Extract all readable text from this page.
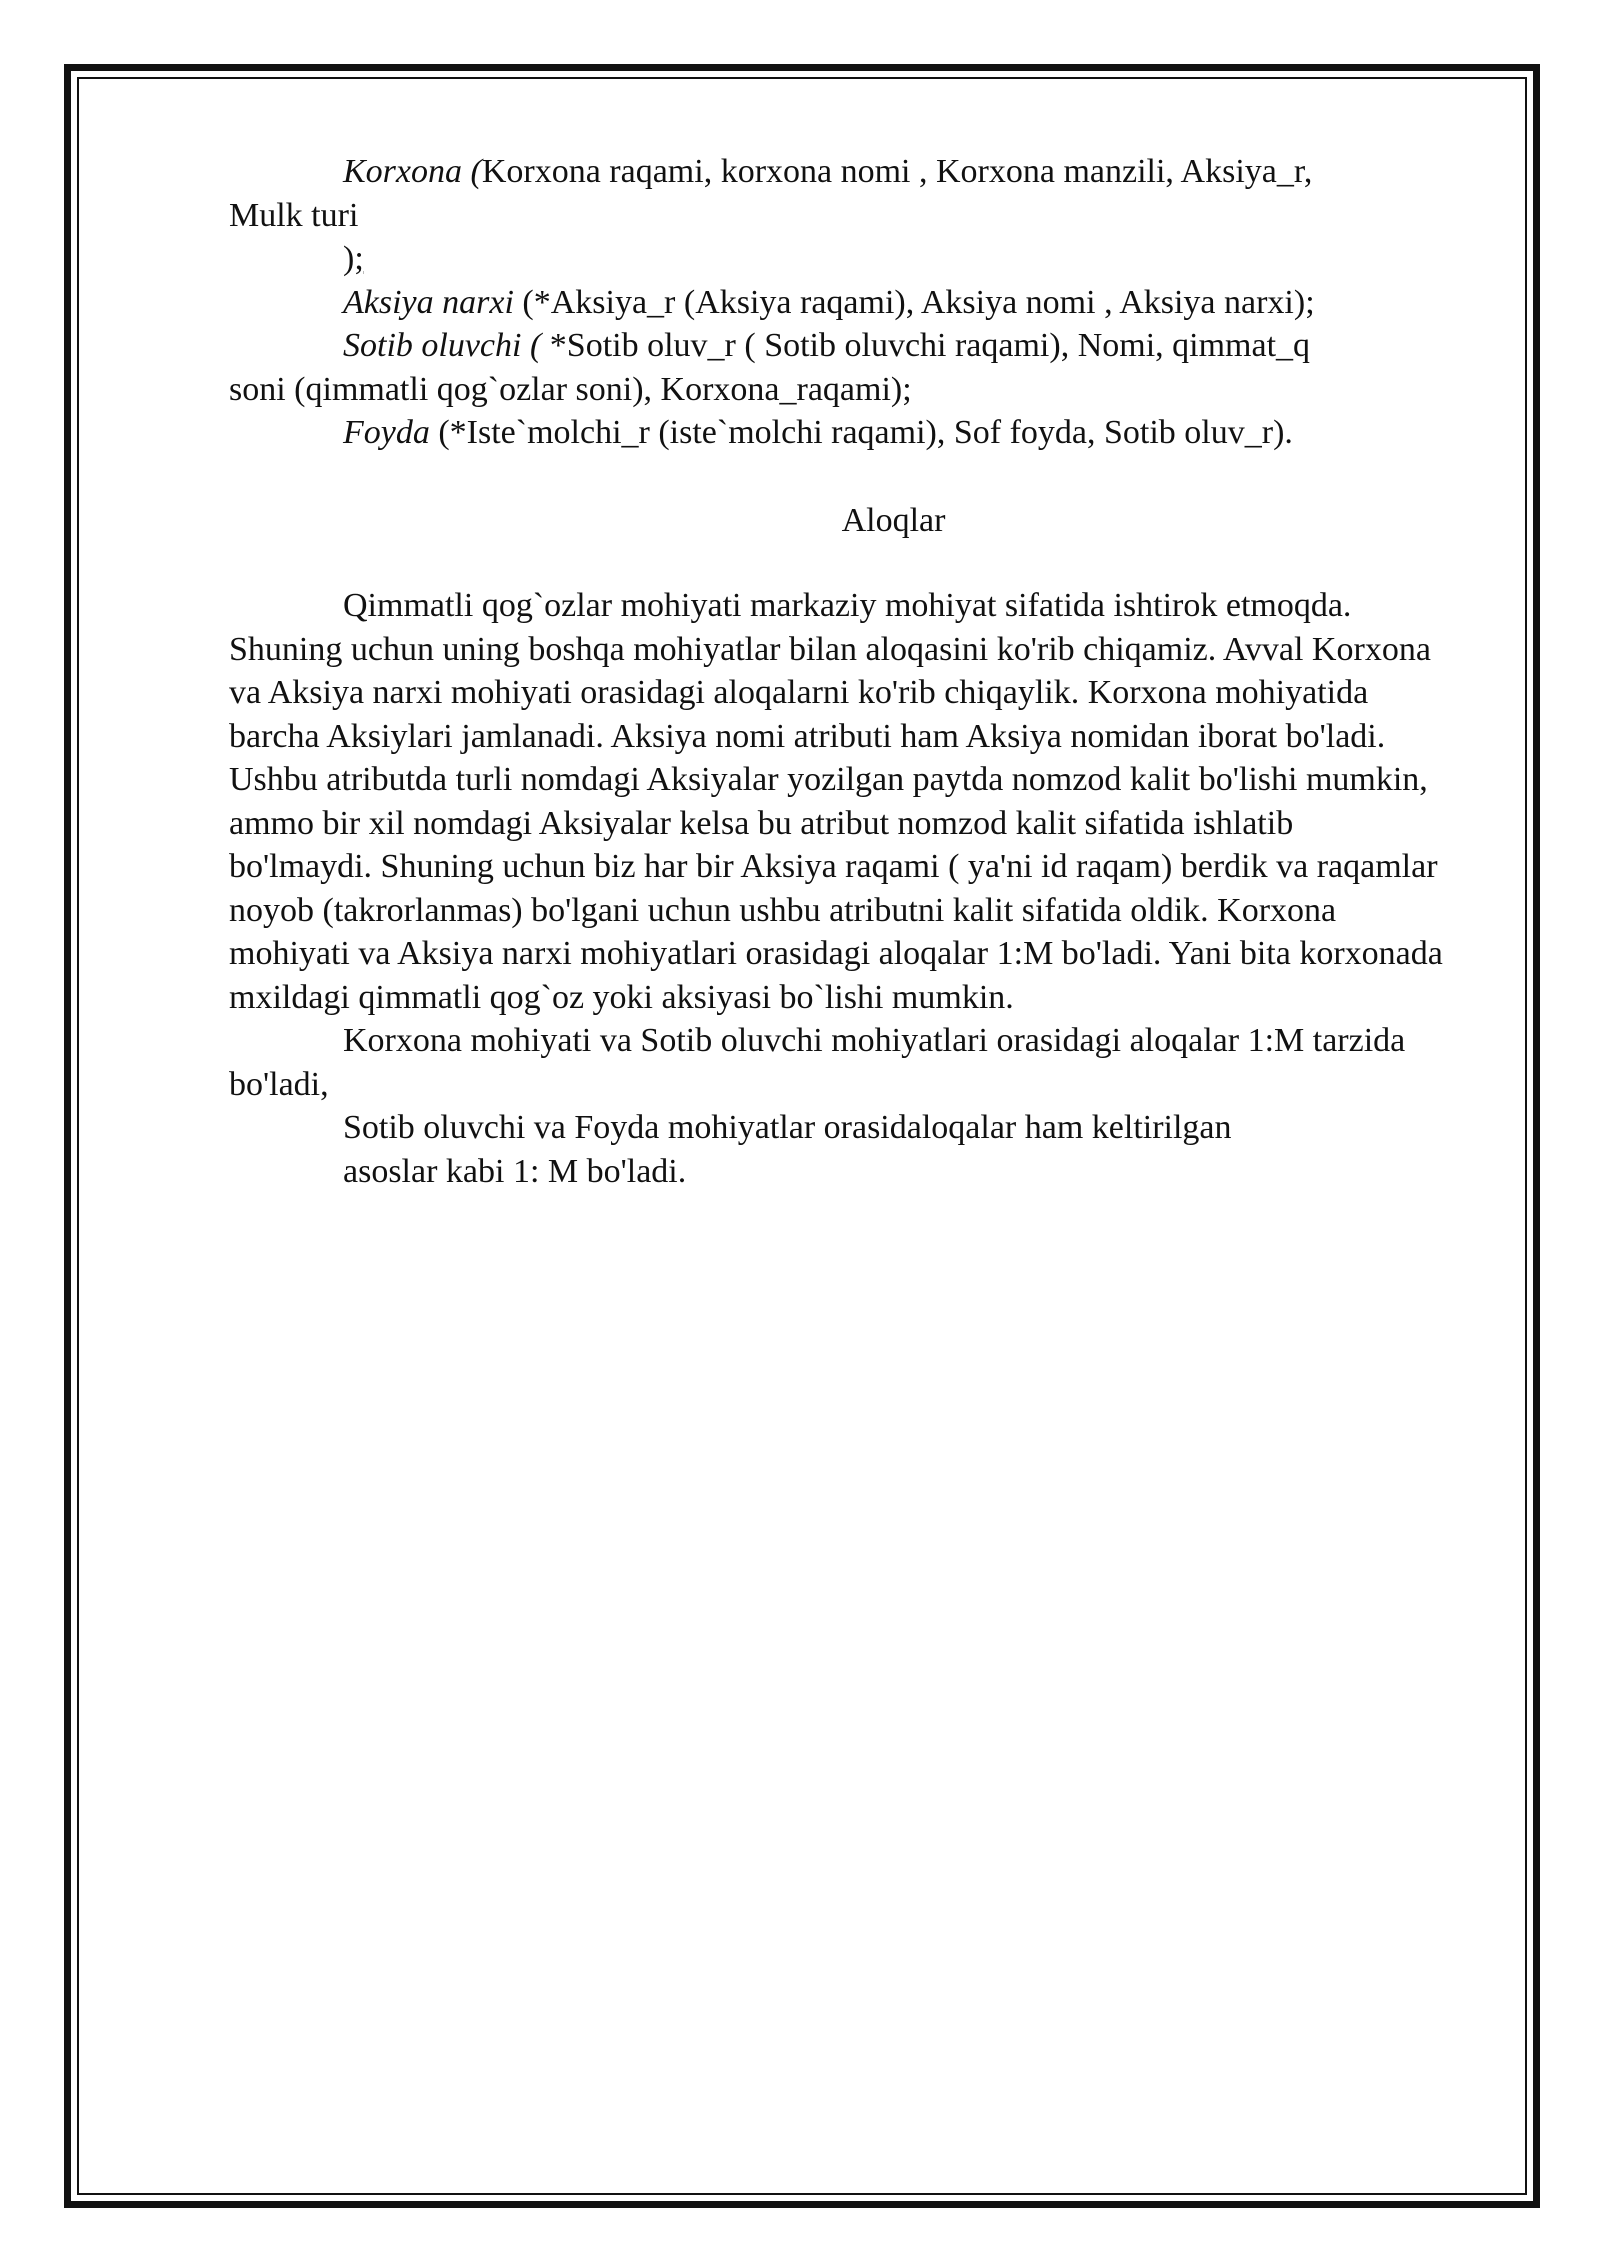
Korxona (Korxona raqami, korxona nomi , Korxona manzili, Aksiya_r,

Mulk turi

);

Aksiya narxi (*Aksiya_r (Aksiya raqami), Aksiya nomi , Aksiya narxi);

Sotib oluvchi ( *Sotib oluv_r ( Sotib oluvchi raqami), Nomi, qimmat_q

soni (qimmatli qog`ozlar soni), Korxona_raqami);

Foyda (*Iste`molchi_r (iste`molchi raqami), Sof foyda, Sotib oluv_r).

Aloqlar

Qimmatli qog`ozlar mohiyati markaziy mohiyat sifatida ishtirok etmoqda. Shuning uchun uning boshqa mohiyatlar bilan aloqasini ko'rib chiqamiz. Avval Korxona va Aksiya narxi mohiyati orasidagi aloqalarni ko'rib chiqaylik. Korxona mohiyatida barcha Aksiylari jamlanadi. Aksiya nomi atributi ham Aksiya nomidan iborat bo'ladi. Ushbu atributda turli nomdagi Aksiyalar yozilgan paytda nomzod kalit bo'lishi mumkin, ammo bir xil nomdagi Aksiyalar kelsa bu atribut nomzod kalit sifatida ishlatib bo'lmaydi. Shuning uchun biz har bir Aksiya raqami ( ya'ni id raqam) berdik va raqamlar noyob (takrorlanmas) bo'lgani uchun ushbu atributni kalit sifatida oldik. Korxona mohiyati va Aksiya narxi mohiyatlari orasidagi aloqalar 1:M bo'ladi. Yani bita korxonada mxildagi qimmatli qog`oz yoki aksiyasi bo`lishi mumkin.

Korxona mohiyati va Sotib oluvchi mohiyatlari orasidagi aloqalar 1:M tarzida bo'ladi,

Sotib oluvchi va Foyda mohiyatlar orasidaloqalar ham keltirilgan

asoslar kabi 1: M bo'ladi.
